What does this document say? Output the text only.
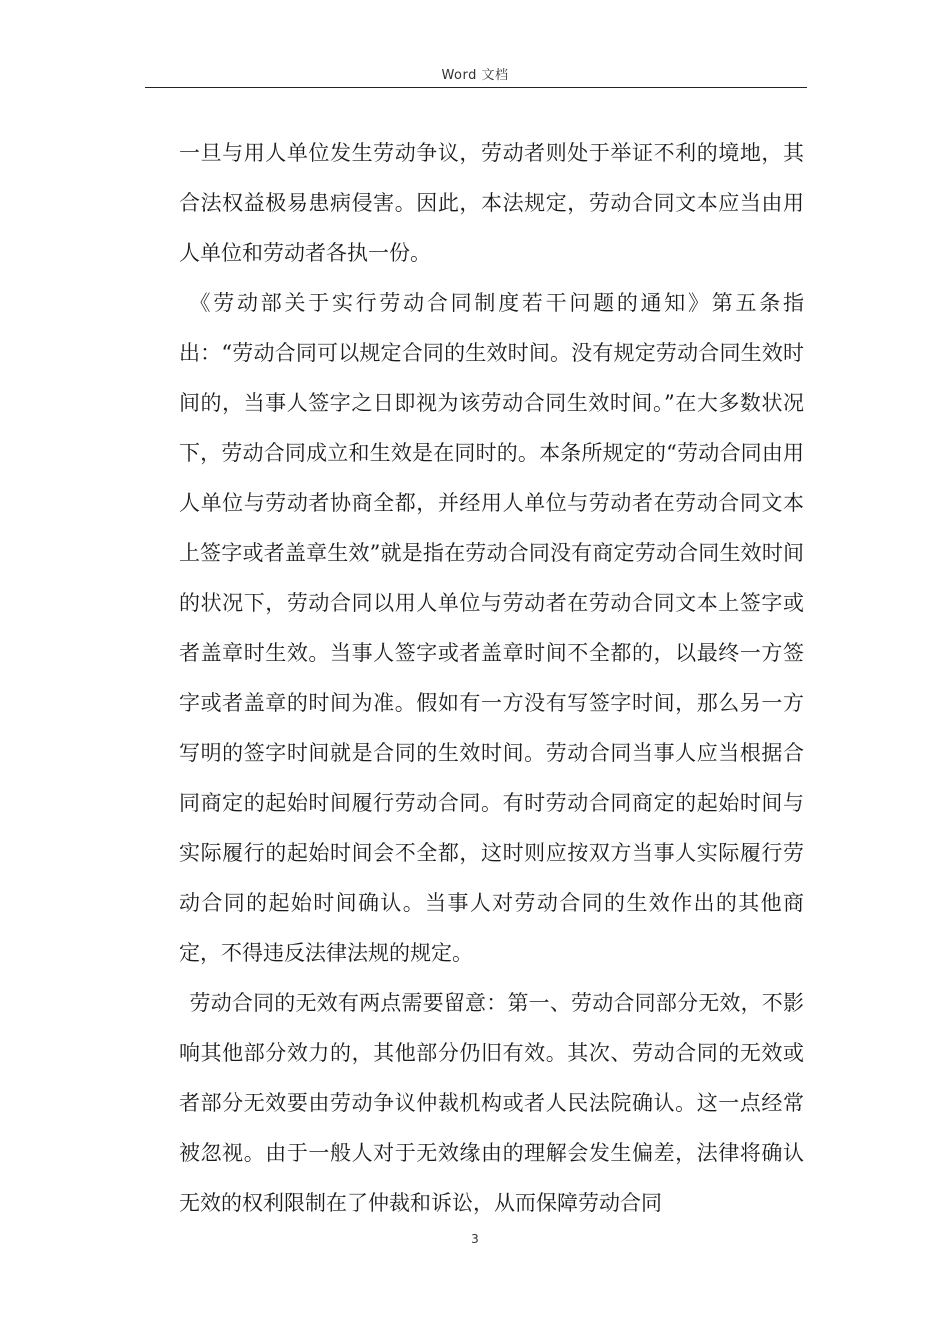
Word 文档

一旦与用人单位发生劳动争议，劳动者则处于举证不利的境地，其合法权益极易患病侵害。因此，本法规定，劳动合同文本应当由用人单位和劳动者各执一份。

《劳动部关于实行劳动合同制度若干问题的通知》第五条指出：“劳动合同可以规定合同的生效时间。没有规定劳动合同生效时间的，当事人签字之日即视为该劳动合同生效时间。”在大多数状况下，劳动合同成立和生效是在同时的。本条所规定的“劳动合同由用人单位与劳动者协商全都，并经用人单位与劳动者在劳动合同文本上签字或者盖章生效”就是指在劳动合同没有商定劳动合同生效时间的状况下，劳动合同以用人单位与劳动者在劳动合同文本上签字或者盖章时生效。当事人签字或者盖章时间不全都的，以最终一方签字或者盖章的时间为准。假如有一方没有写签字时间，那么另一方写明的签字时间就是合同的生效时间。劳动合同当事人应当根据合同商定的起始时间履行劳动合同。有时劳动合同商定的起始时间与实际履行的起始时间会不全都，这时则应按双方当事人实际履行劳动合同的起始时间确认。当事人对劳动合同的生效作出的其他商定，不得违反法律法规的规定。

劳动合同的无效有两点需要留意：第一、劳动合同部分无效，不影响其他部分效力的，其他部分仍旧有效。其次、劳动合同的无效或者部分无效要由劳动争议仲裁机构或者人民法院确认。这一点经常被忽视。由于一般人对于无效缘由的理解会发生偏差，法律将确认无效的权利限制在了仲裁和诉讼，从而保障劳动合同

3
